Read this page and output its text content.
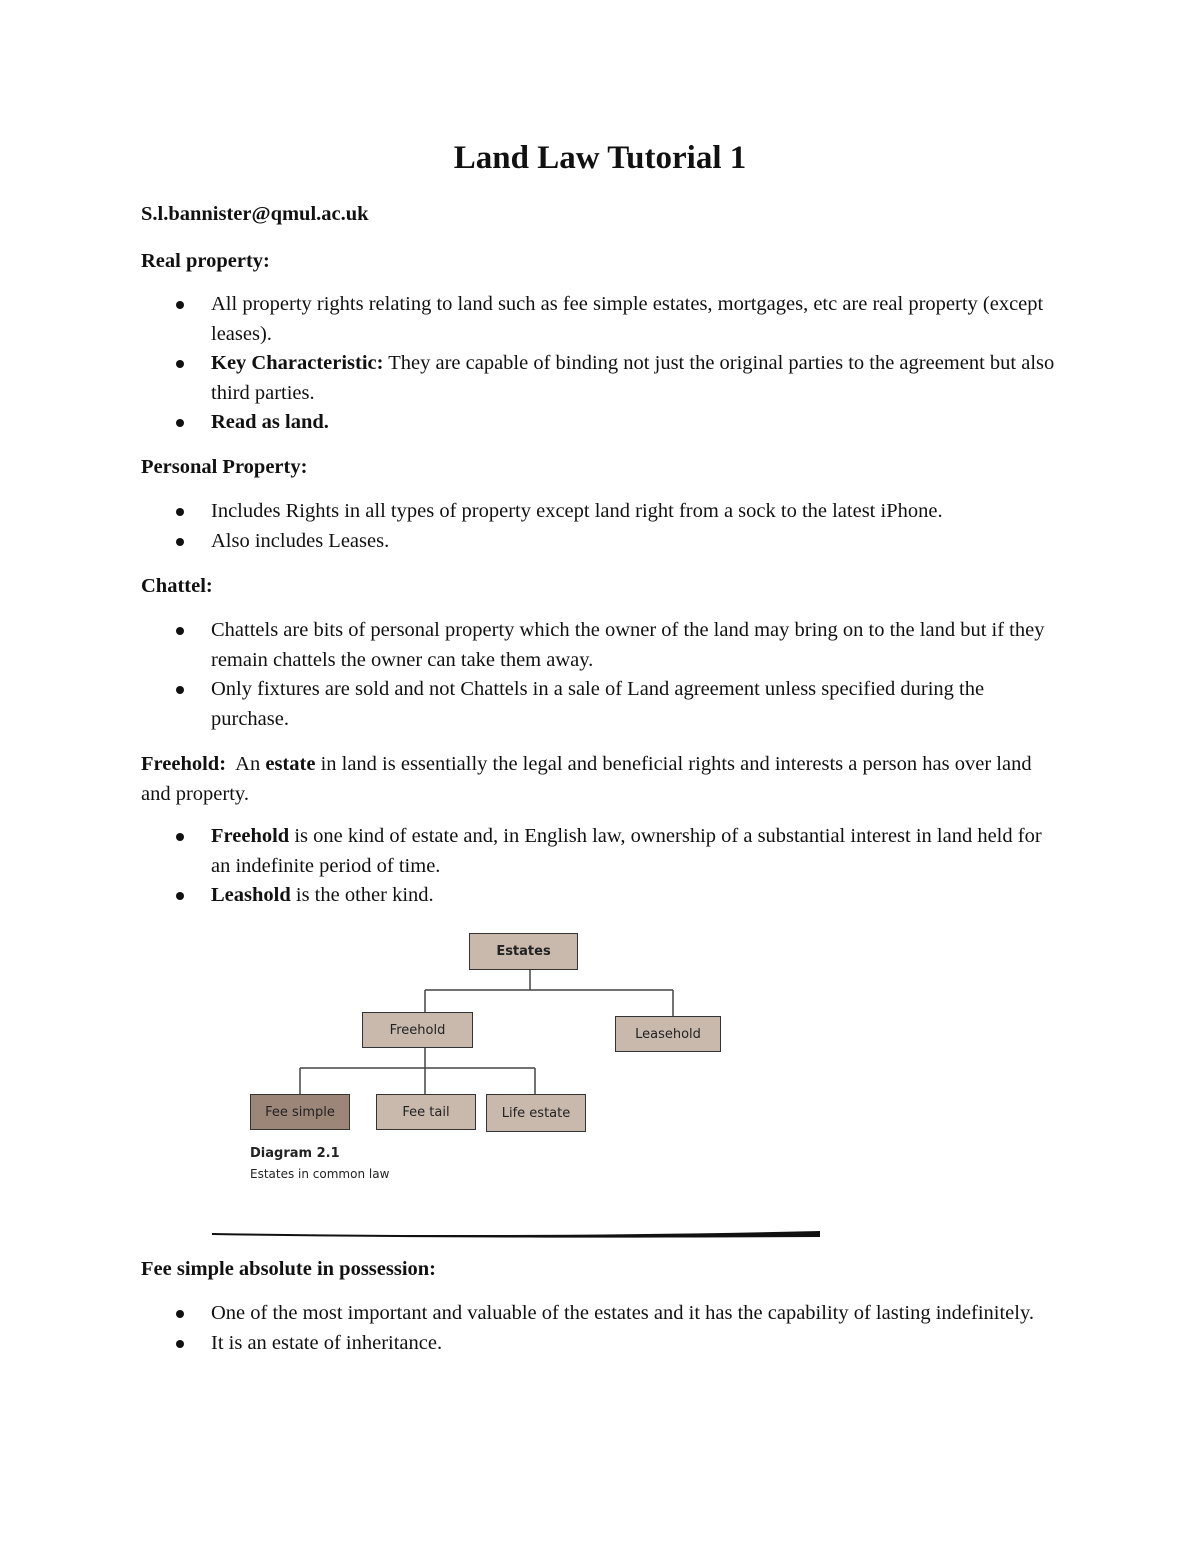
Land Law Tutorial 1
S.l.bannister@qmul.ac.uk
Real property:
All property rights relating to land such as fee simple estates, mortgages, etc are real property (except leases).
Key Characteristic: They are capable of binding not just the original parties to the agreement but also third parties.
Read as land.
Personal Property:
Includes Rights in all types of property except land right from a sock to the latest iPhone.
Also includes Leases.
Chattel:
Chattels are bits of personal property which the owner of the land may bring on to the land but if they remain chattels the owner can take them away.
Only fixtures are sold and not Chattels in a sale of Land agreement unless specified during the purchase.
Freehold:  An estate in land is essentially the legal and beneficial rights and interests a person has over land and property.
Freehold is one kind of estate and, in English law, ownership of a substantial interest in land held for an indefinite period of time.
Leashold is the other kind.
Estates
Freehold	Leasehold
Fee simple	Fee tail	Life estate
Diagram 2.1
Estates in common law
Fee simple absolute in possession:
One of the most important and valuable of the estates and it has the capability of lasting indefinitely.
It is an estate of inheritance.
